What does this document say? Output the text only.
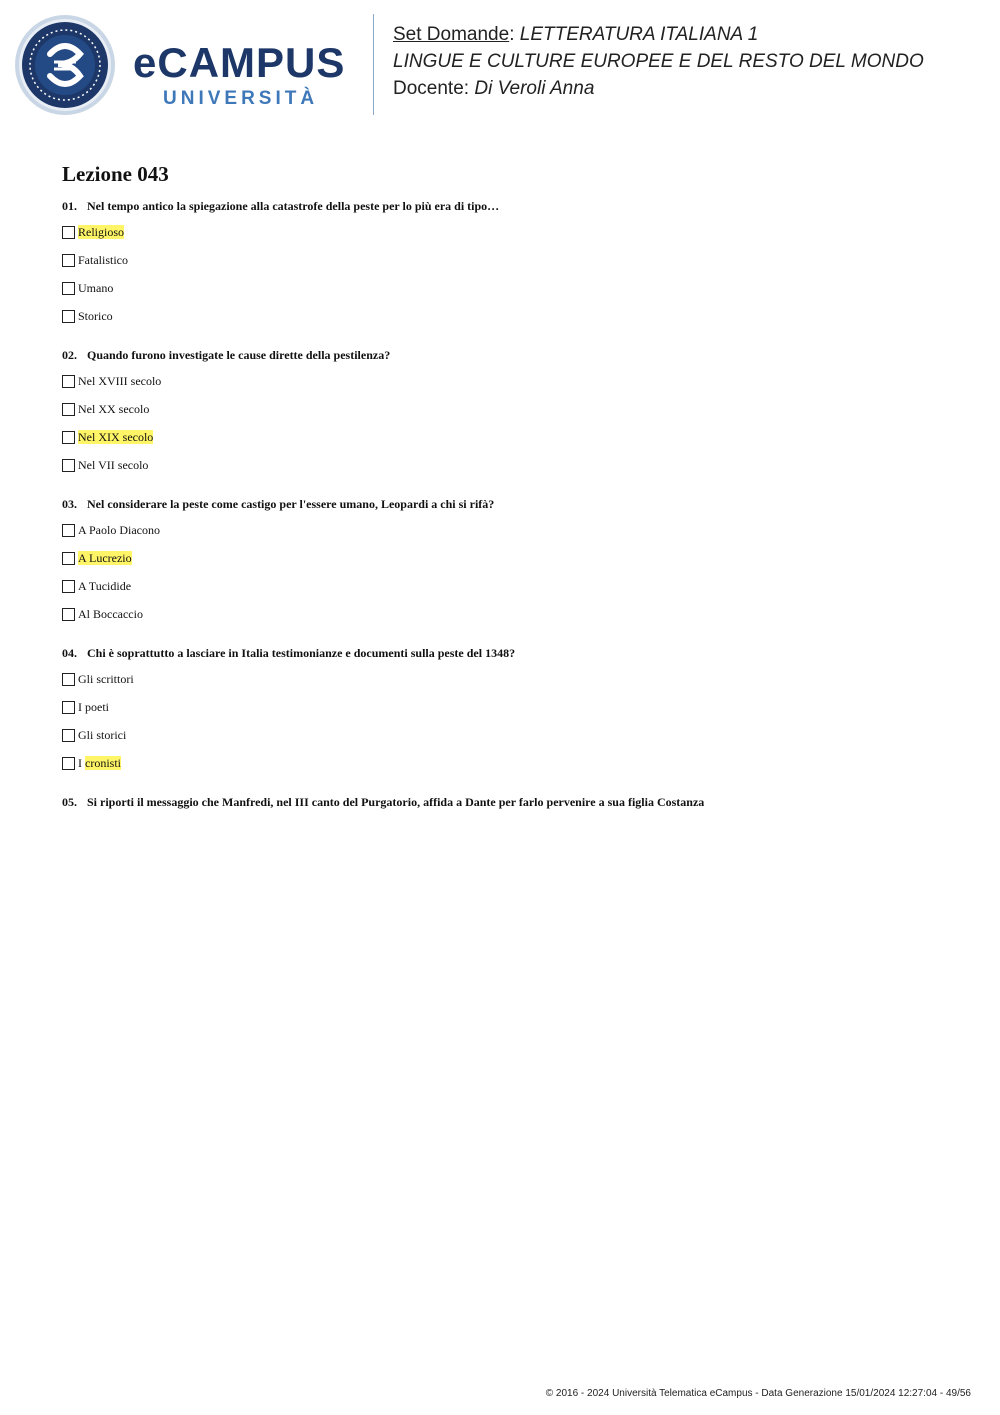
eCAMPUS
UNIVERSITÀ
Set Domande: LETTERATURA ITALIANA 1
LINGUE E CULTURE EUROPEE E DEL RESTO DEL MONDO
Docente: Di Veroli Anna
Lezione 043

01. Nel tempo antico la spiegazione alla catastrofe della peste per lo più era di tipo…

Religioso
Fatalistico
Umano
Storico

02. Quando furono investigate le cause dirette della pestilenza?

Nel XVIII secolo
Nel XX secolo
Nel XIX secolo
Nel VII secolo

03. Nel considerare la peste come castigo per l'essere umano, Leopardi a chi si rifà?

A Paolo Diacono
A Lucrezio
A Tucidide
Al Boccaccio

04. Chi è soprattutto a lasciare in Italia testimonianze e documenti sulla peste del 1348?

Gli scrittori
I poeti
Gli storici
I cronisti

05. Si riporti il messaggio che Manfredi, nel III canto del Purgatorio, affida a Dante per farlo pervenire a sua figlia Costanza

© 2016 - 2024 Università Telematica eCampus - Data Generazione 15/01/2024 12:27:04 - 49/56
